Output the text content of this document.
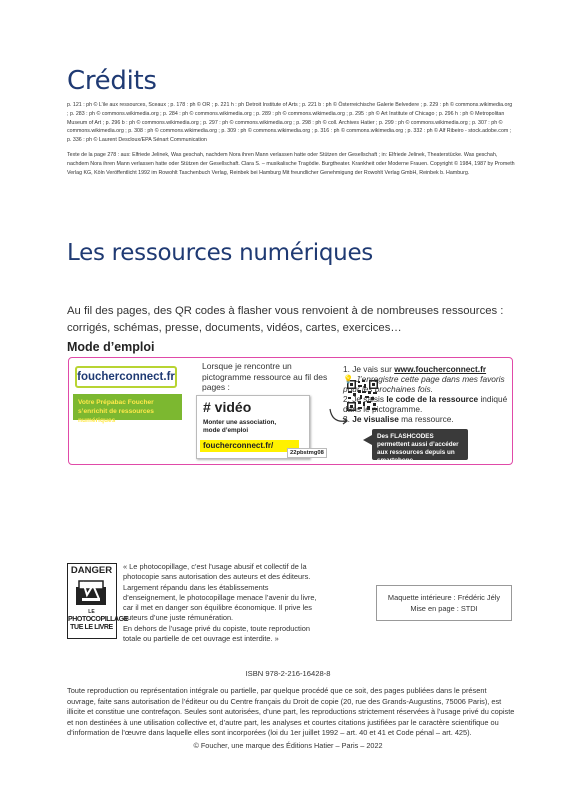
Crédits

p. 121 : ph © L’ile aux ressources, Sceaux ; p. 178 : ph © OR ; p. 221 h : ph Detroit Institute of Arts ; p. 221 b : ph © Österreichische Galerie Belvedere ; p. 229 : ph © commons.wikimedia.org ; p. 283 : ph © commons.wikimedia.org ; p. 284 : ph © commons.wikimedia.org ; p. 289 : ph © commons.wikimedia.org ; p. 295 : ph © Art Institute of Chicago ; p. 296 h : ph © Metropolitan Museum of Art ; p. 296 b : ph © commons.wikimedia.org ; p. 297 : ph © commons.wikimedia.org ; p. 298 : ph © coll. Archives Hatier ; p. 299 : ph © commons.wikimedia.org ; p. 307 : ph © commons.wikimedia.org ; p. 308 : ph © commons.wikimedia.org ; p. 309 : ph © commons.wikimedia.org ; p. 316 : ph © commons.wikimedia.org ; p. 332 : ph © Alf Ribeiro - stock.adobe.com ; p. 336 : ph © Laurent Descloux/EPA Sénart Communication

Texte de la page 278 : aus: Elfriede Jelinek, Was geschah, nachdem Nora ihren Mann verlassen hatte oder Stützen der Gesellschaft ; in: Elfriede Jelinek, Theaterstücke. Was geschah, nachdem Nora ihren Mann verlassen hatte oder Stützen der Gesellschaft. Clara S. – musikalische Tragödie. Burgtheater. Krankheit oder Moderne Frauen. Copyright © 1984, 1987 by Prometh Verlag KG, Köln Veröffentlicht 1992 im Rowohlt Taschenbuch Verlag, Reinbek bei Hamburg Mit freundlicher Genehmigung der Rowohlt Verlag GmbH, Reinbek b. Hamburg.

Les ressources numériques
Au fil des pages, des QR codes à flasher vous renvoient à de nombreuses ressources : corrigés, schémas, presse, documents, vidéos, cartes, exercices…
Mode d’emploi
foucherconnect.fr
Votre Prépabac Foucher s’enrichit de ressources numériques
Lorsque je rencontre un pictogramme ressource au fil des pages :
# vidéo
Monter une association, mode d’emploi
foucherconnect.fr/
22pbstmg08
1. Je vais sur www.foucherconnect.fr
💡 J’enregistre cette page dans mes favoris pour les prochaines fois.
2. Je saisis le code de la ressource indiqué dans le pictogramme.
3. Je visualise ma ressource.
Des FLASHCODES permettent aussi d’accéder aux ressources depuis un smartphone
DANGER
LE
PHOTOCOPILLAGE TUE LE LIVRE

« Le photocopillage, c’est l’usage abusif et collectif de la photocopie sans autorisation des auteurs et des éditeurs.

Largement répandu dans les établissements d’enseignement, le photocopillage menace l’avenir du livre, car il met en danger son équilibre économique. Il prive les auteurs d’une juste rémunération.

En dehors de l’usage privé du copiste, toute reproduction totale ou partielle de cet ouvrage est interdite. »

Maquette intérieure : Frédéric Jély
Mise en page : STDI
ISBN 978-2-216-16428-8
Toute reproduction ou représentation intégrale ou partielle, par quelque procédé que ce soit, des pages publiées dans le présent ouvrage, faite sans autorisation de l’éditeur ou du Centre français du Droit de copie (20, rue des Grands-Augustins, 75006 Paris), est illicite et constitue une contrefaçon. Seules sont autorisées, d’une part, les reproductions strictement réservées à l’usage privé du copiste et non destinées à une utilisation collective et, d’autre part, les analyses et courtes citations justifiées par le caractère scientifique ou d’information de l’œuvre dans laquelle elles sont incorporées (loi du 1er juillet 1992 – art. 40 et 41 et Code pénal – art. 425).
© Foucher, une marque des Éditions Hatier – Paris – 2022
